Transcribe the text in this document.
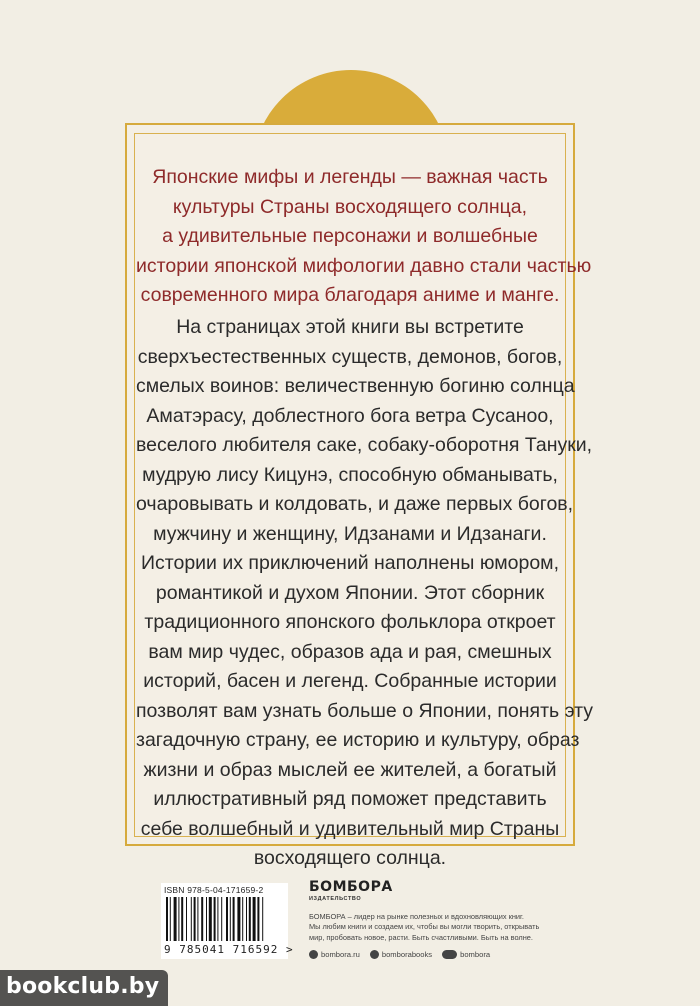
Японские мифы и легенды — важная часть

культуры Страны восходящего солнца,

а удивительные персонажи и волшебные

истории японской мифологии давно стали частью

современного мира благодаря аниме и манге.

На страницах этой книги вы встретите

сверхъестественных существ, демонов, богов,

смелых воинов: величественную богиню солнца

Аматэрасу, доблестного бога ветра Сусаноо,

веселого любителя саке, собаку-оборотня Тануки,

мудрую лису Кицунэ, способную обманывать,

очаровывать и колдовать, и даже первых богов,

мужчину и женщину, Идзанами и Идзанаги.

Истории их приключений наполнены юмором,

романтикой и духом Японии. Этот сборник

традиционного японского фольклора откроет

вам мир чудес, образов ада и рая, смешных

историй, басен и легенд. Собранные истории

позволят вам узнать больше о Японии, понять эту

загадочную страну, ее историю и культуру, образ

жизни и образ мыслей ее жителей, а богатый

иллюстративный ряд поможет представить

себе волшебный и удивительный мир Страны

восходящего солнца.

ISBN 978-5-04-171659-2
9 785041 716592 >
БОМБОРА
ИЗДАТЕЛЬСТВО

БОМБОРА – лидер на рынке полезных и вдохновляющих книг.

Мы любим книги и создаем их, чтобы вы могли творить, открывать

мир, пробовать новое, расти. Быть счастливыми. Быть на волне.

bombora.ru	bomborabooks	bombora
bookclub.by
